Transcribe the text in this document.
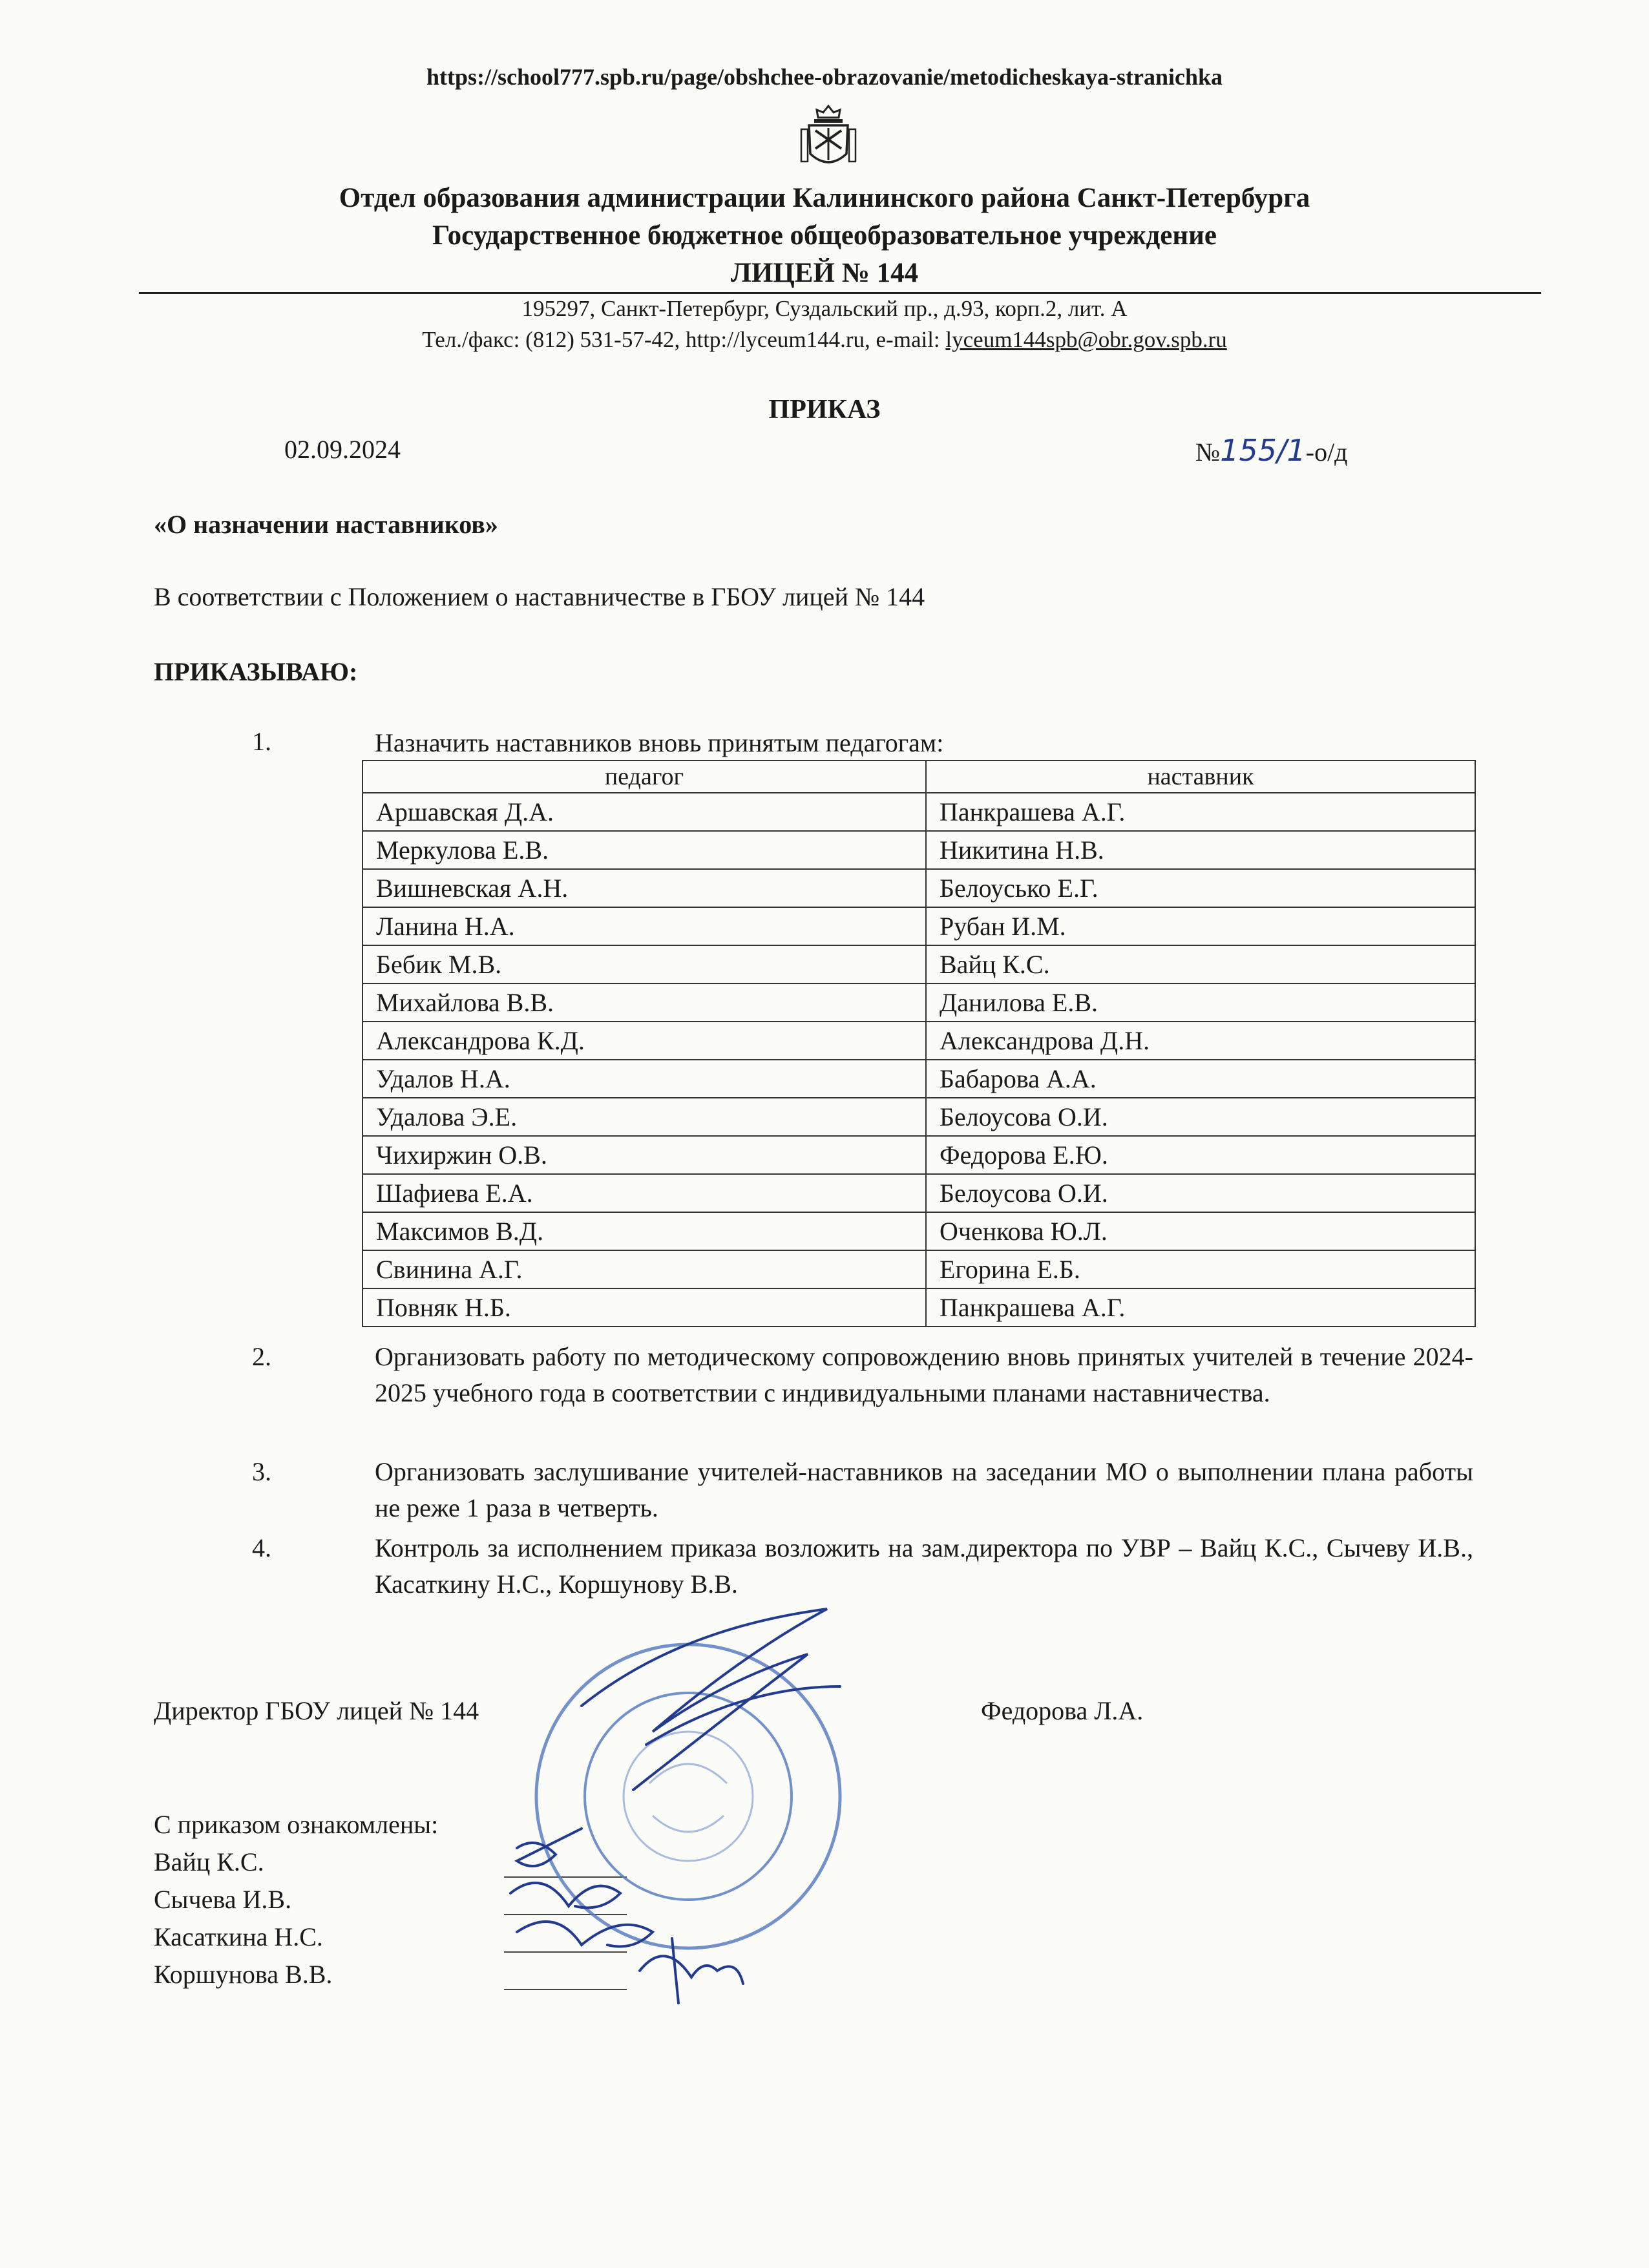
https://school777.spb.ru/page/obshchee-obrazovanie/metodicheskaya-stranichka
Отдел образования администрации Калининского района Санкт-Петербурга
Государственное бюджетное общеобразовательное учреждение
ЛИЦЕЙ № 144
195297, Санкт-Петербург, Суздальский пр., д.93, корп.2, лит. А
Тел./факс: (812) 531-57-42, http://lyceum144.ru, e-mail: lyceum144spb@obr.gov.spb.ru
ПРИКАЗ
02.09.2024	№155/1-о/д
«О назначении наставников»
В соответствии с Положением о наставничестве в ГБОУ лицей № 144
ПРИКАЗЫВАЮ:
1.	Назначить наставников вновь принятым педагогам:
педагог	наставник
Аршавская Д.А.	Панкрашева А.Г.
Меркулова Е.В.	Никитина Н.В.
Вишневская А.Н.	Белоусько Е.Г.
Ланина Н.А.	Рубан И.М.
Бебик М.В.	Вайц К.С.
Михайлова В.В.	Данилова Е.В.
Александрова К.Д.	Александрова Д.Н.
Удалов Н.А.	Бабарова А.А.
Удалова Э.Е.	Белоусова О.И.
Чихиржин О.В.	Федорова Е.Ю.
Шафиева Е.А.	Белоусова О.И.
Максимов В.Д.	Оченкова Ю.Л.
Свинина А.Г.	Егорина Е.Б.
Повняк Н.Б.	Панкрашева А.Г.
2.	Организовать работу по методическому сопровождению вновь принятых учителей в течение 2024-2025 учебного года в соответствии с индивидуальными планами наставничества.
3.	Организовать заслушивание учителей-наставников на заседании МО о выполнении плана работы не реже 1 раза в четверть.
4.	Контроль за исполнением приказа возложить на зам.директора по УВР – Вайц К.С., Сычеву И.В., Касаткину Н.С., Коршунову В.В.
Директор ГБОУ лицей № 144	Федорова Л.А.
С приказом ознакомлены:
Вайц К.С.
Сычева И.В.
Касаткина Н.С.
Коршунова В.В.
